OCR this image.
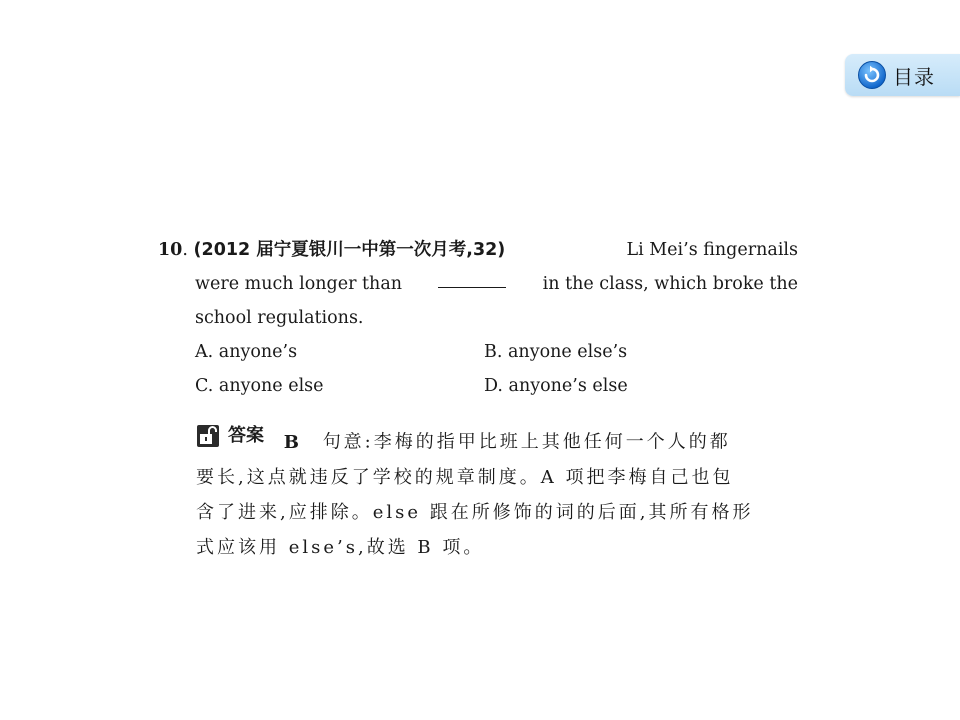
目录
10. (2012 届宁夏银川一中第一次月考,32)	Li Mei’s fingernails
were much longer than	in the class, which broke the
school regulations.
A. anyone’s	B. anyone else’s
C. anyone else	D. anyone’s else
答案 B 句意:李梅的指甲比班上其他任何一个人的都
要长,这点就违反了学校的规章制度。A 项把李梅自己也包
含了进来,应排除。else 跟在所修饰的词的后面,其所有格形
式应该用 else’s,故选 B 项。
